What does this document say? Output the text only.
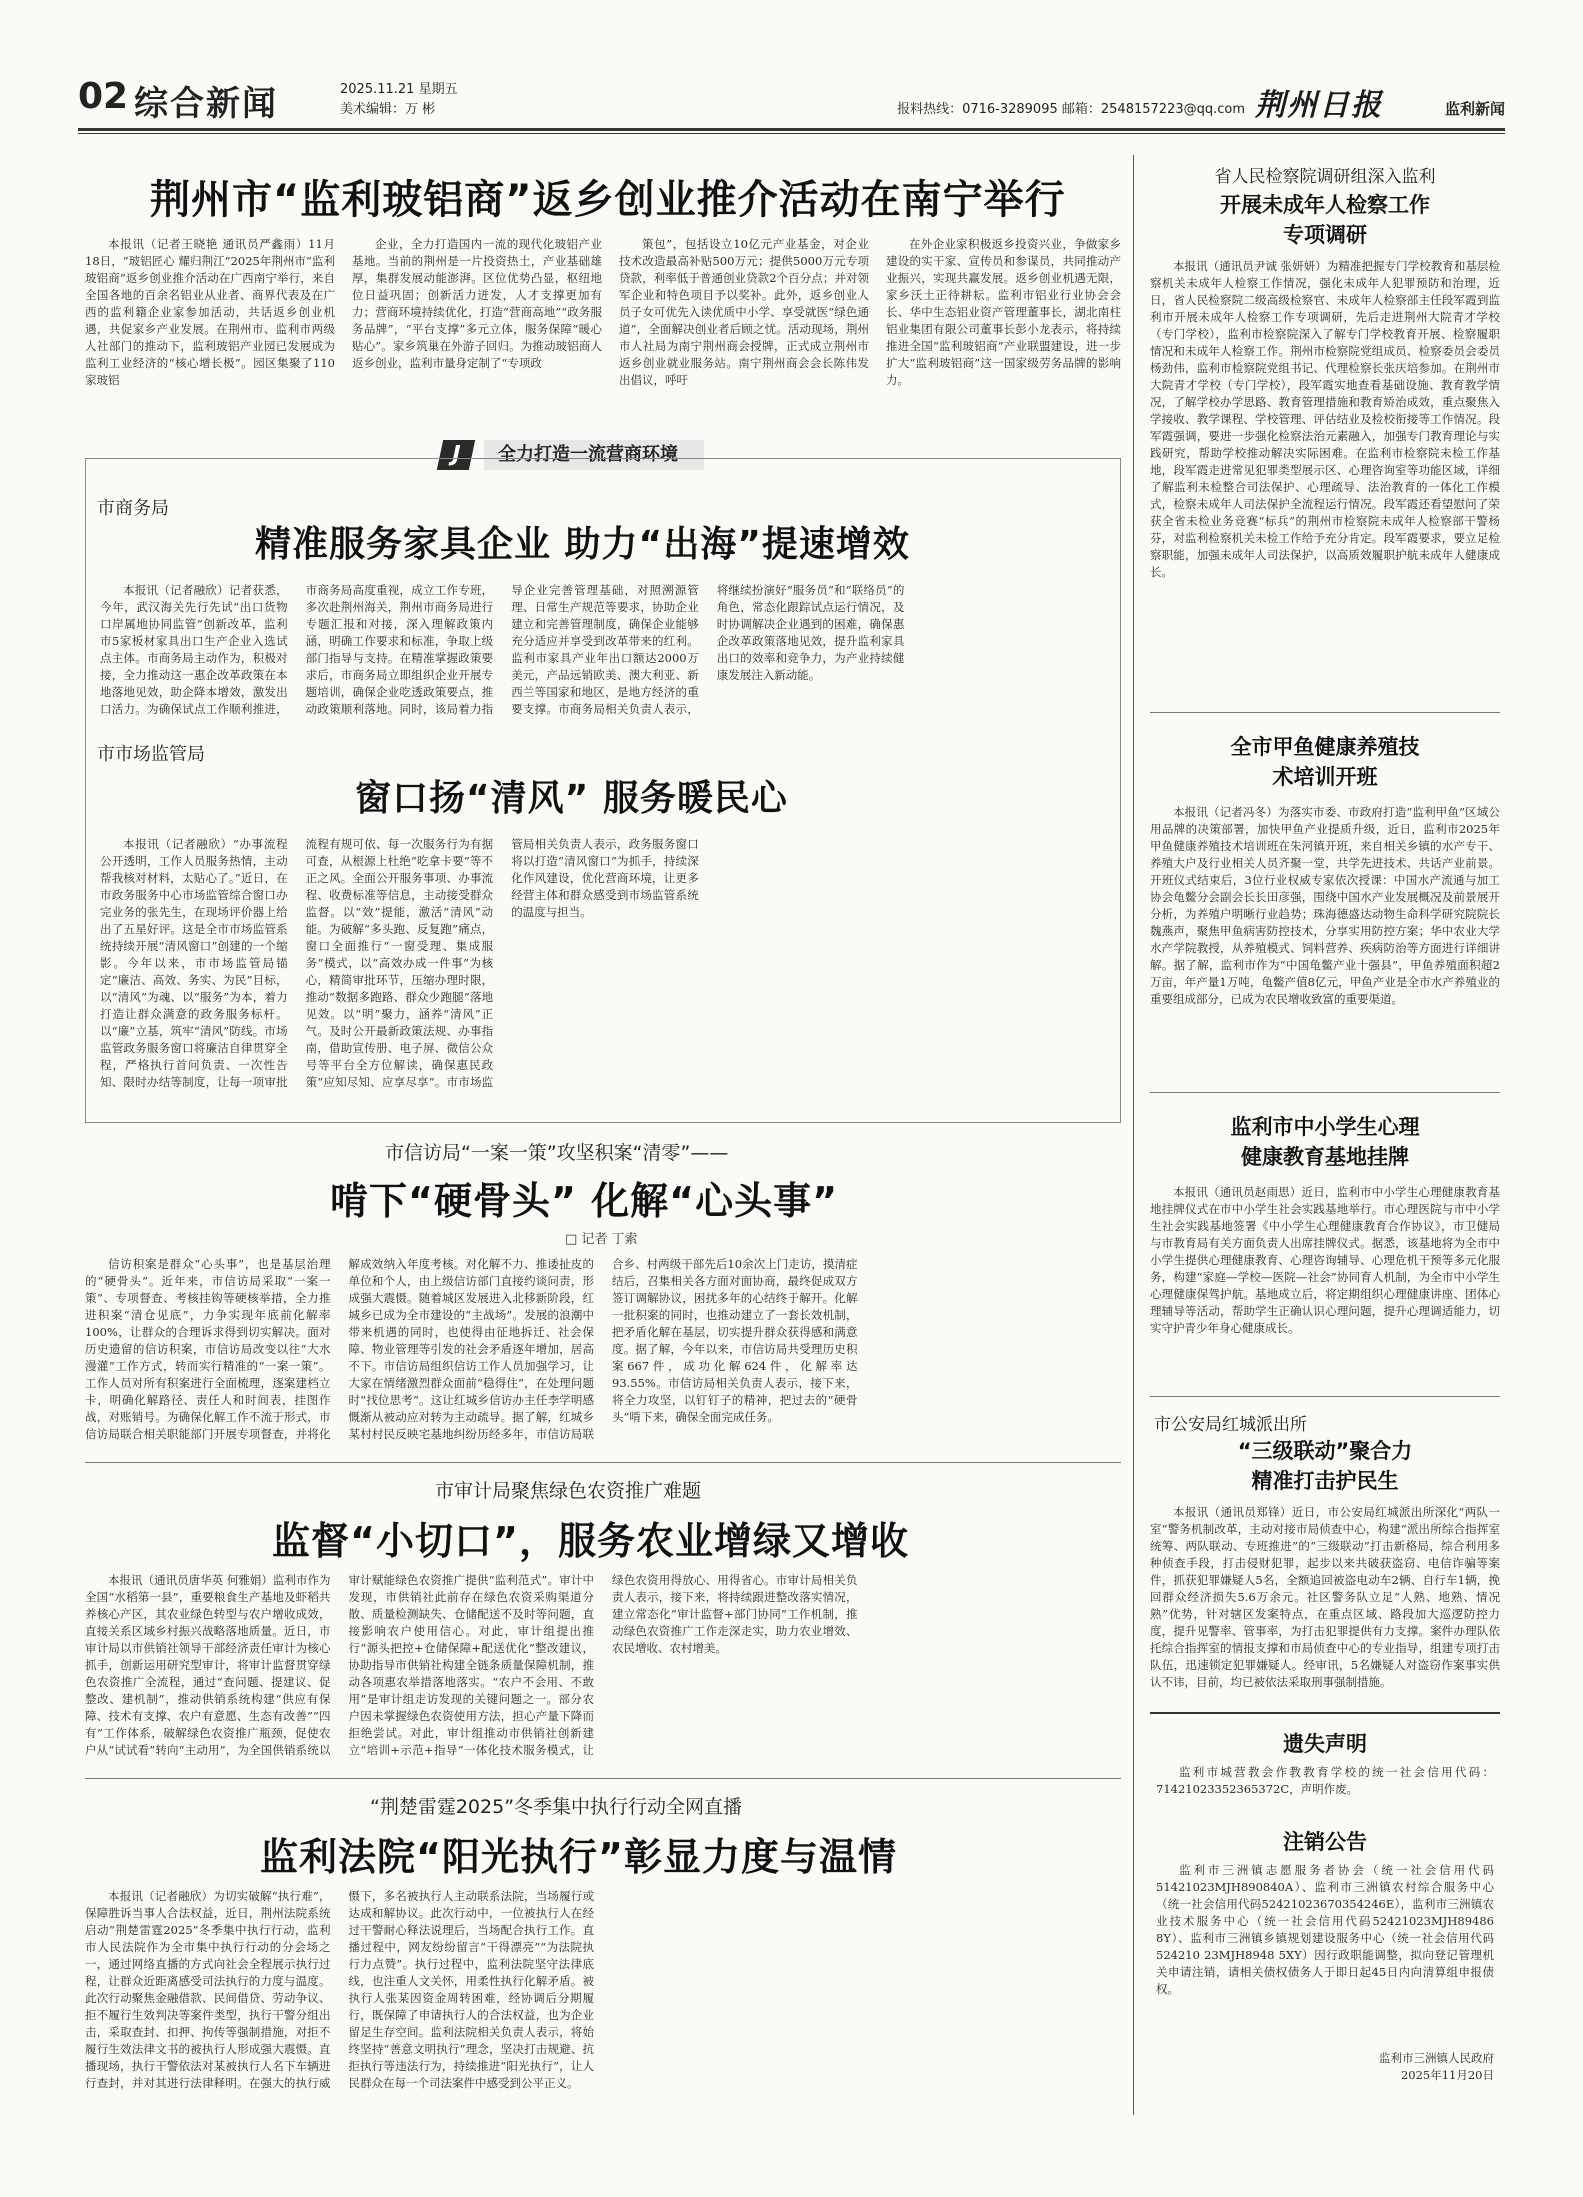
02 综合新闻	2025.11.21 星期五
美术编辑：万 彬	报料热线：0716-3289095 邮箱：2548157223@qq.com 荆州日报	监利新闻
荆州市“监利玻铝商”返乡创业推介活动在南宁举行

本报讯（记者王晓艳 通讯员严鑫雨）11月18日，“玻铝匠心 耀归荆江”2025年荆州市“监利玻铝商”返乡创业推介活动在广西南宁举行，来自全国各地的百余名铝业从业者、商界代表及在广西的监利籍企业家参加活动，共话返乡创业机遇，共促家乡产业发展。在荆州市、监利市两级人社部门的推动下，监利玻铝产业园已发展成为监利工业经济的“核心增长极”。园区集聚了110家玻铝

企业，全力打造国内一流的现代化玻铝产业基地。当前的荆州是一片投资热土，产业基础雄厚，集群发展动能澎湃。区位优势凸显，枢纽地位日益巩固；创新活力迸发，人才支撑更加有力；营商环境持续优化，打造“营商高地”“政务服务品牌”，“平台支撑”多元立体，服务保障“暖心贴心”。家乡筑巢在外游子回归。为推动玻铝商人返乡创业，监利市量身定制了“专项政

策包”，包括设立10亿元产业基金，对企业技术改造最高补贴500万元；提供5000万元专项贷款，利率低于普通创业贷款2个百分点；并对领军企业和特色项目予以奖补。此外，返乡创业人员子女可优先入读优质中小学、享受就医“绿色通道”，全面解决创业者后顾之忧。活动现场，荆州市人社局为南宁荆州商会授牌，正式成立荆州市返乡创业就业服务站。南宁荆州商会会长陈伟发出倡议，呼吁

在外企业家积极返乡投资兴业，争做家乡建设的实干家、宣传员和参谋员，共同推动产业振兴，实现共赢发展。返乡创业机遇无限，家乡沃土正待耕耘。监利市铝业行业协会会长、华中生态铝业资产管理董事长，湖北南柱铝业集团有限公司董事长彭小龙表示，将持续推进全国“监利玻铝商”产业联盟建设，进一步扩大“监利玻铝商”这一国家级劳务品牌的影响力。

J	全力打造一流营商环境
市商务局
精准服务家具企业 助力“出海”提速增效

本报讯（记者融欣）记者获悉，今年，武汉海关先行先试“出口货物口岸属地协同监管”创新改革，监利市5家板材家具出口生产企业入选试点主体。市商务局主动作为，积极对接，全力推动这一惠企改革政策在本地落地见效，助企降本增效，激发出口活力。为确保试点工作顺利推进，市商务局高度重视，成立工作专班，多次赴荆州海关，荆州市商务局进行专题汇报和对接，深入理解政策内涵，明确工作要求和标准，争取上级部门指导与支持。在精准掌握政策要求后，市商务局立即组织企业开展专题培训，确保企业吃透政策要点，推动政策顺利落地。同时，该局着力指导企业完善管理基础，对照溯源管理、日常生产规范等要求，协助企业建立和完善管理制度，确保企业能够充分适应并享受到改革带来的红利。监利市家具产业年出口额达2000万美元，产品远销欧美、澳大利亚、新西兰等国家和地区，是地方经济的重要支撑。市商务局相关负责人表示，将继续扮演好“服务员”和“联络员”的角色，常态化跟踪试点运行情况，及时协调解决企业遇到的困难，确保惠企改革政策落地见效，提升监利家具出口的效率和竞争力，为产业持续健康发展注入新动能。

市市场监管局
窗口扬“清风” 服务暖民心

本报讯（记者融欣）“办事流程公开透明，工作人员服务热情，主动帮我核对材料，太贴心了。”近日，在市政务服务中心市场监管综合窗口办完业务的张先生，在现场评价器上给出了五星好评。这是全市市场监管系统持续开展“清风窗口”创建的一个缩影。今年以来，市市场监管局锚定“廉洁、高效、务实、为民”目标，以“清风”为魂、以“服务”为本，着力打造让群众满意的政务服务标杆。以“廉”立基，筑牢“清风”防线。市场监管政务服务窗口将廉洁自律贯穿全程，严格执行首问负责、一次性告知、限时办结等制度，让每一项审批流程有规可依、每一次服务行为有据可查，从根源上杜绝“吃拿卡要”等不正之风。全面公开服务事项、办事流程、收费标准等信息，主动接受群众监督。以“效”提能，激活“清风”动能。为破解“多头跑、反复跑”痛点，窗口全面推行“一窗受理、集成服务”模式，以“高效办成一件事”为核心，精简审批环节，压缩办理时限，推动“数据多跑路、群众少跑腿”落地见效。以“明”聚力，涵养“清风”正气。及时公开最新政策法规、办事指南，借助宣传册、电子屏、微信公众号等平台全方位解读，确保惠民政策“应知尽知、应享尽享”。市市场监管局相关负责人表示，政务服务窗口将以打造“清风窗口”为抓手，持续深化作风建设，优化营商环境，让更多经营主体和群众感受到市场监管系统的温度与担当。

市信访局“一案一策”攻坚积案“清零”——
啃下“硬骨头” 化解“心头事”
□ 记者 丁索

信访积案是群众“心头事”，也是基层治理的“硬骨头”。近年来，市信访局采取“一案一策”、专项督查、考核挂钩等硬核举措，全力推进积案“清仓见底”，力争实现年底前化解率100%，让群众的合理诉求得到切实解决。面对历史遗留的信访积案，市信访局改变以往“大水漫灌”工作方式，转而实行精准的“一案一策”。工作人员对所有积案进行全面梳理，逐案建档立卡，明确化解路径、责任人和时间表，挂图作战，对账销号。为确保化解工作不流于形式，市信访局联合相关职能部门开展专项督查，并将化解成效纳入年度考核。对化解不力、推诿扯皮的单位和个人，由上级信访部门直接约谈问责，形成强大震慑。随着城区发展进入北移新阶段，红城乡已成为全市建设的“主战场”。发展的浪潮中带来机遇的同时，也使得由征地拆迁、社会保障、物业管理等引发的社会矛盾逐年增加，居高不下。市信访局组织信访工作人员加强学习，让大家在情绪激烈群众面前“稳得住”，在处理问题时“找位思考”。这让红城乡信访办主任李学明感慨渐从被动应对转为主动疏导。据了解，红城乡某村村民反映宅基地纠纷历经多年，市信访局联合乡、村两级干部先后10余次上门走访，摸清症结后，召集相关各方面对面协商，最终促成双方签订调解协议，困扰多年的心结终于解开。化解一批积案的同时，也推动建立了一套长效机制，把矛盾化解在基层，切实提升群众获得感和满意度。据了解，今年以来，市信访局共受理历史积案667件，成功化解624件，化解率达93.55%。市信访局相关负责人表示，接下来，将全力攻坚，以钉钉子的精神，把过去的“硬骨头”啃下来，确保全面完成任务。

市审计局聚焦绿色农资推广难题
监督“小切口”，服务农业增绿又增收

本报讯（通讯员唐华英 何雅娟）监利市作为全国“水稻第一县”，重要粮食生产基地及虾稻共养核心产区，其农业绿色转型与农户增收成效，直接关系区域乡村振兴战略落地质量。近日，市审计局以市供销社领导干部经济责任审计为核心抓手，创新运用研究型审计，将审计监督贯穿绿色农资推广全流程，通过“查问题、提建议、促整改、建机制”，推动供销系统构建“供应有保障、技术有支撑、农户有意愿、生态有改善”“四有”工作体系，破解绿色农资推广瓶颈，促使农户从“试试看”转向“主动用”，为全国供销系统以审计赋能绿色农资推广提供“监利范式”。审计中发现，市供销社此前存在绿色农资采购渠道分散、质量检测缺失、仓储配送不及时等问题，直接影响农户使用信心。对此，审计组提出推行“源头把控+仓储保障+配送优化”整改建议，协助指导市供销社构建全链条质量保障机制，推动各项惠农举措落地落实。“农户不会用、不敢用”是审计组走访发现的关键问题之一。部分农户因未掌握绿色农资使用方法，担心产量下降而拒绝尝试。对此，审计组推动市供销社创新建立“培训+示范+指导”一体化技术服务模式，让绿色农资用得放心、用得省心。市审计局相关负责人表示，接下来，将持续跟进整改落实情况，建立常态化“审计监督+部门协同”工作机制，推动绿色农资推广工作走深走实，助力农业增效、农民增收、农村增美。

“荆楚雷霆2025”冬季集中执行行动全网直播
监利法院“阳光执行”彰显力度与温情

本报讯（记者融欣）为切实破解“执行难”，保障胜诉当事人合法权益，近日，荆州法院系统启动“荆楚雷霆2025”冬季集中执行行动，监利市人民法院作为全市集中执行行动的分会场之一，通过网络直播的方式向社会全程展示执行过程，让群众近距离感受司法执行的力度与温度。此次行动聚焦金融借款、民间借贷、劳动争议、拒不履行生效判决等案件类型，执行干警分组出击，采取查封、扣押、拘传等强制措施，对拒不履行生效法律文书的被执行人形成强大震慑。直播现场，执行干警依法对某被执行人名下车辆进行查封，并对其进行法律释明。在强大的执行威慑下，多名被执行人主动联系法院，当场履行或达成和解协议。此次行动中，一位被执行人在经过干警耐心释法说理后，当场配合执行工作。直播过程中，网友纷纷留言“干得漂亮”“为法院执行力点赞”。执行过程中，监利法院坚守法律底线，也注重人文关怀，用柔性执行化解矛盾。被执行人张某因资金周转困难，经协调后分期履行，既保障了申请执行人的合法权益，也为企业留足生存空间。监利法院相关负责人表示，将始终坚持“善意文明执行”理念，坚决打击规避、抗拒执行等违法行为，持续推进“阳光执行”，让人民群众在每一个司法案件中感受到公平正义。

省人民检察院调研组深入监利
开展未成年人检察工作专项调研

本报讯（通讯员尹诚 张妍妍）为精准把握专门学校教育和基层检察机关未成年人检察工作情况，强化未成年人犯罪预防和治理，近日，省人民检察院二级高级检察官、未成年人检察部主任段军霞到监利市开展未成年人检察工作专项调研，先后走进荆州大院青才学校（专门学校），监利市检察院深入了解专门学校教育开展、检察履职情况和未成年人检察工作。荆州市检察院党组成员、检察委员会委员杨劲伟，监利市检察院党组书记、代理检察长张庆培参加。在荆州市大院青才学校（专门学校），段军霞实地查看基础设施、教育教学情况，了解学校办学思路、教育管理措施和教育矫治成效，重点聚焦入学接收、教学课程、学校管理、评估结业及检校衔接等工作情况。段军霞强调，要进一步强化检察法治元素融入，加强专门教育理论与实践研究，帮助学校推动解决实际困难。在监利市检察院未检工作基地，段军霞走进常见犯罪类型展示区、心理咨询室等功能区域，详细了解监利未检整合司法保护、心理疏导、法治教育的一体化工作模式，检察未成年人司法保护全流程运行情况。段军霞还看望慰问了荣获全省未检业务竞赛“标兵”的荆州市检察院未成年人检察部干警杨芬，对监利检察机关未检工作给予充分肯定。段军霞要求，要立足检察职能，加强未成年人司法保护，以高质效履职护航未成年人健康成长。

全市甲鱼健康养殖技术培训开班

本报讯（记者冯冬）为落实市委、市政府打造“监利甲鱼”区域公用品牌的决策部署，加快甲鱼产业提质升级，近日，监利市2025年甲鱼健康养殖技术培训班在朱河镇开班，来自相关乡镇的水产专干、养殖大户及行业相关人员齐聚一堂，共学先进技术、共话产业前景。开班仪式结束后，3位行业权威专家依次授课：中国水产流通与加工协会龟鳖分会副会长长田彦强，围绕中国水产业发展概况及前景展开分析，为养殖户明晰行业趋势；珠海德盛达动物生命科学研究院院长魏燕声，聚焦甲鱼病害防控技术，分享实用防控方案；华中农业大学水产学院教授，从养殖模式、饲料营养、疾病防治等方面进行详细讲解。据了解，监利市作为“中国龟鳖产业十强县”，甲鱼养殖面积超2万亩，年产量1万吨，龟鳖产值8亿元，甲鱼产业是全市水产养殖业的重要组成部分，已成为农民增收致富的重要渠道。

监利市中小学生心理健康教育基地挂牌

本报讯（通讯员赵雨思）近日，监利市中小学生心理健康教育基地挂牌仪式在市中小学生社会实践基地举行。市心理医院与市中小学生社会实践基地签署《中小学生心理健康教育合作协议》，市卫健局与市教育局有关方面负责人出席挂牌仪式。据悉，该基地将为全市中小学生提供心理健康教育、心理咨询辅导、心理危机干预等多元化服务，构建“家庭—学校—医院—社会”协同育人机制，为全市中小学生心理健康保驾护航。基地成立后，将定期组织心理健康讲座、团体心理辅导等活动，帮助学生正确认识心理问题，提升心理调适能力，切实守护青少年身心健康成长。

市公安局红城派出所
“三级联动”聚合力 精准打击护民生

本报讯（通讯员郑锋）近日，市公安局红城派出所深化“两队一室”警务机制改革，主动对接市局侦查中心，构建“派出所综合指挥室统筹、两队联动、专班推进”的“三级联动”打击新格局，综合利用多种侦查手段，打击侵财犯罪，起步以来共破获盗窃、电信诈骗等案件，抓获犯罪嫌疑人5名，全额追回被盗电动车2辆、自行车1辆，挽回群众经济损失5.6万余元。社区警务队立足“人熟、地熟、情况熟”优势，针对辖区发案特点，在重点区域、路段加大巡逻防控力度，提升见警率、管事率，为打击犯罪提供有力支撑。案件办理队依托综合指挥室的情报支撑和市局侦查中心的专业指导，组建专项打击队伍，迅速锁定犯罪嫌疑人。经审讯，5名嫌疑人对盗窃作案事实供认不讳，目前，均已被依法采取刑事强制措施。

遗失声明

监利市城营教会作教教育学校的统一社会信用代码：71421023352365372C，声明作废。

注销公告

监利市三洲镇志愿服务者协会（统一社会信用代码51421023MJH890840A）、监利市三洲镇农村综合服务中心（统一社会信用代码52421023670354246E），监利市三洲镇农业技术服务中心（统一社会信用代码52421023MJH89486 8Y）、监利市三洲镇乡镇规划建设服务中心（统一社会信用代码524210 23MJH8948 5XY）因行政职能调整，拟向登记管理机关申请注销，请相关债权债务人于即日起45日内向清算组申报债权。

监利市三洲镇人民政府
2025年11月20日
